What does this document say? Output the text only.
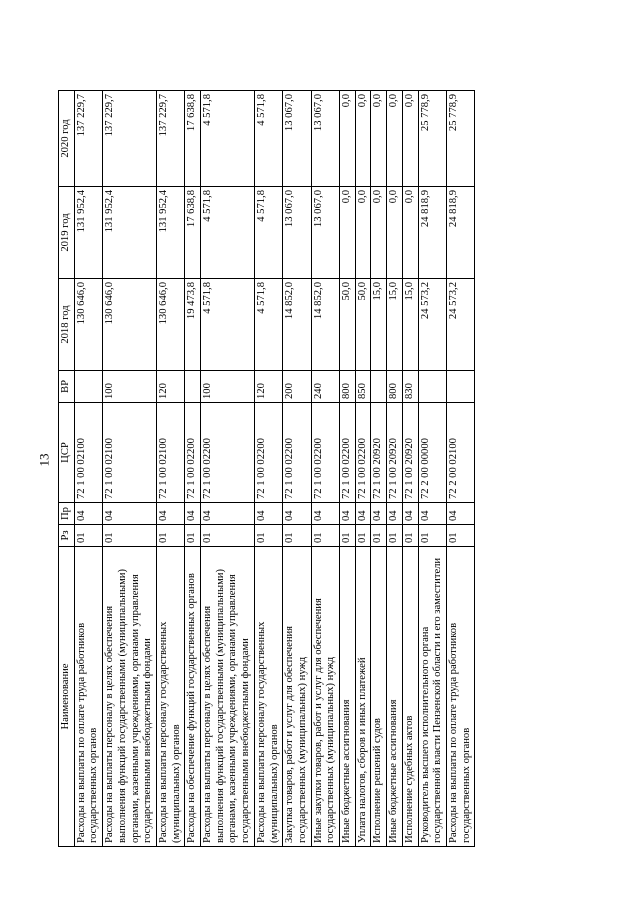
13
Наименование	Рз	Пр	ЦСР	ВР	2018 год	2019 год	2020 год
Расходы на выплаты по оплате труда работников государственных органов	01	04	72 1 00 02100		130 646,0	131 952,4	137 229,7
Расходы на выплаты персоналу в целях обеспечения выполнения функций государственными (муниципальными) органами, казенными учреждениями, органами управления государственными внебюджетными фондами	01	04	72 1 00 02100	100	130 646,0	131 952,4	137 229,7
Расходы на выплаты персоналу государственных (муниципальных) органов	01	04	72 1 00 02100	120	130 646,0	131 952,4	137 229,7
Расходы на обеспечение функций государственных органов	01	04	72 1 00 02200		19 473,8	17 638,8	17 638,8
Расходы на выплаты персоналу в целях обеспечения выполнения функций государственными (муниципальными) органами, казенными учреждениями, органами управления государственными внебюджетными фондами	01	04	72 1 00 02200	100	4 571,8	4 571,8	4 571,8
Расходы на выплаты персоналу государственных (муниципальных) органов	01	04	72 1 00 02200	120	4 571,8	4 571,8	4 571,8
Закупка товаров, работ и услуг для обеспечения государственных (муниципальных) нужд	01	04	72 1 00 02200	200	14 852,0	13 067,0	13 067,0
Иные закупки товаров, работ и услуг для обеспечения государственных (муниципальных) нужд	01	04	72 1 00 02200	240	14 852,0	13 067,0	13 067,0
Иные бюджетные ассигнования	01	04	72 1 00 02200	800	50,0	0,0	0,0
Уплата налогов, сборов и иных платежей	01	04	72 1 00 02200	850	50,0	0,0	0,0
Исполнение решений судов	01	04	72 1 00 20920		15,0	0,0	0,0
Иные бюджетные ассигнования	01	04	72 1 00 20920	800	15,0	0,0	0,0
Исполнение судебных актов	01	04	72 1 00 20920	830	15,0	0,0	0,0
Руководитель высшего исполнительного органа государственной власти Пензенской области и его заместители	01	04	72 2 00 00000		24 573,2	24 818,9	25 778,9
Расходы на выплаты по оплате труда работников государственных органов	01	04	72 2 00 02100		24 573,2	24 818,9	25 778,9
